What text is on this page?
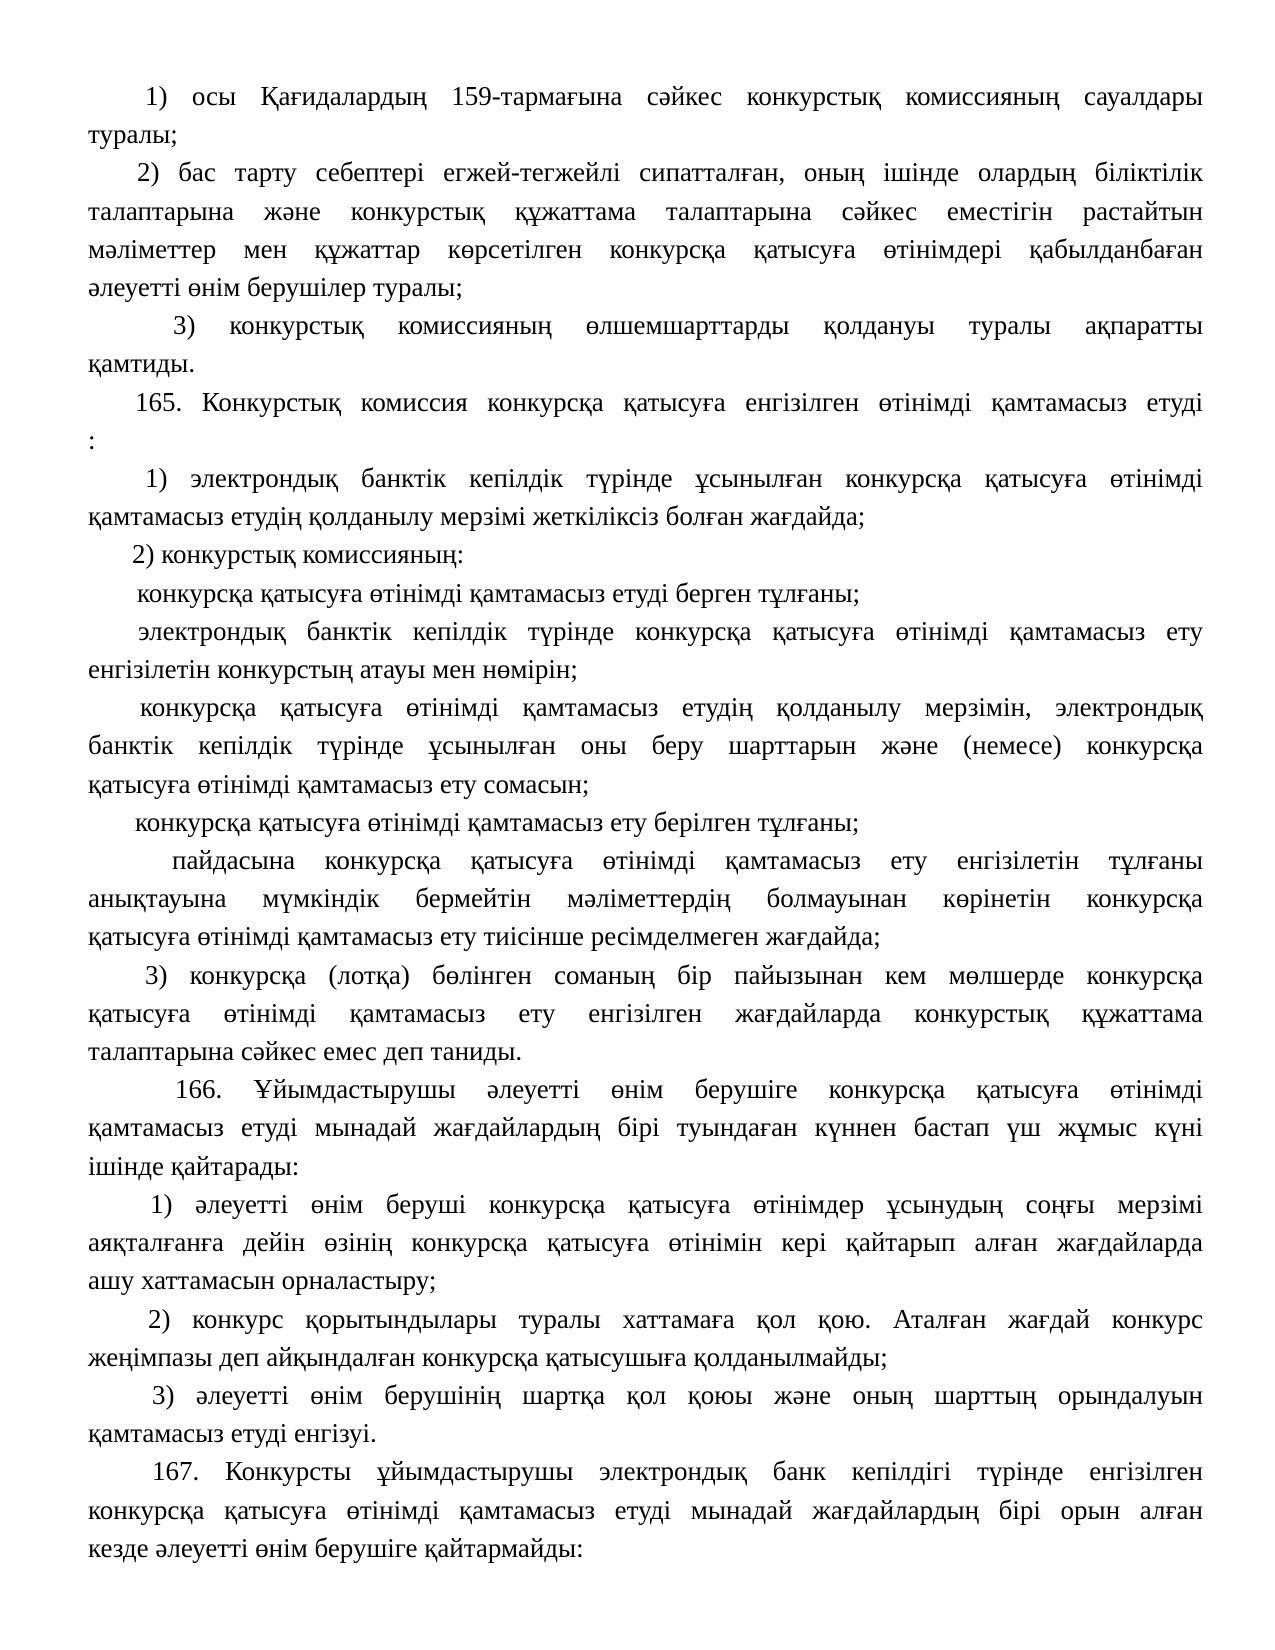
1) осы Қағидалардың 159-тармағына сәйкес конкурстық комиссияның сауалдары
туралы;
2) бас тарту себептері егжей-тегжейлі сипатталған, оның ішінде олардың біліктілік
талаптарына және конкурстық құжаттама талаптарына сәйкес еместігін растайтын
мәліметтер мен құжаттар көрсетілген конкурсқа қатысуға өтінімдері қабылданбаған
әлеуетті өнім берушілер туралы;
3) конкурстық комиссияның өлшемшарттарды қолдануы туралы ақпаратты
қамтиды.
165. Конкурстық комиссия конкурсқа қатысуға енгізілген өтінімді қамтамасыз етуді
:
1) электрондық банктік кепілдік түрінде ұсынылған конкурсқа қатысуға өтінімді
қамтамасыз етудің қолданылу мерзімі жеткіліксіз болған жағдайда;
2) конкурстық комиссияның:
конкурсқа қатысуға өтінімді қамтамасыз етуді берген тұлғаны;
электрондық банктік кепілдік түрінде конкурсқа қатысуға өтінімді қамтамасыз ету
енгізілетін конкурстың атауы мен нөмірін;
конкурсқа қатысуға өтінімді қамтамасыз етудің қолданылу мерзімін, электрондық
банктік кепілдік түрінде ұсынылған оны беру шарттарын және (немесе) конкурсқа
қатысуға өтінімді қамтамасыз ету сомасын;
конкурсқа қатысуға өтінімді қамтамасыз ету берілген тұлғаны;
пайдасына конкурсқа қатысуға өтінімді қамтамасыз ету енгізілетін тұлғаны
анықтауына мүмкіндік бермейтін мәліметтердің болмауынан көрінетін конкурсқа
қатысуға өтінімді қамтамасыз ету тиісінше ресімделмеген жағдайда;
3) конкурсқа (лотқа) бөлінген соманың бір пайызынан кем мөлшерде конкурсқа
қатысуға өтінімді қамтамасыз ету енгізілген жағдайларда конкурстық құжаттама
талаптарына сәйкес емес деп таниды.
166. Ұйымдастырушы әлеуетті өнім берушіге конкурсқа қатысуға өтінімді
қамтамасыз етуді мынадай жағдайлардың бірі туындаған күннен бастап үш жұмыс күні
ішінде қайтарады:
1) әлеуетті өнім беруші конкурсқа қатысуға өтінімдер ұсынудың соңғы мерзімі
аяқталғанға дейін өзінің конкурсқа қатысуға өтінімін кері қайтарып алған жағдайларда
ашу хаттамасын орналастыру;
2) конкурс қорытындылары туралы хаттамаға қол қою. Аталған жағдай конкурс
жеңімпазы деп айқындалған конкурсқа қатысушыға қолданылмайды;
3) әлеуетті өнім берушінің шартқа қол қоюы және оның шарттың орындалуын
қамтамасыз етуді енгізуі.
167. Конкурсты ұйымдастырушы электрондық банк кепілдігі түрінде енгізілген
конкурсқа қатысуға өтінімді қамтамасыз етуді мынадай жағдайлардың бірі орын алған
кезде әлеуетті өнім берушіге қайтармайды:
